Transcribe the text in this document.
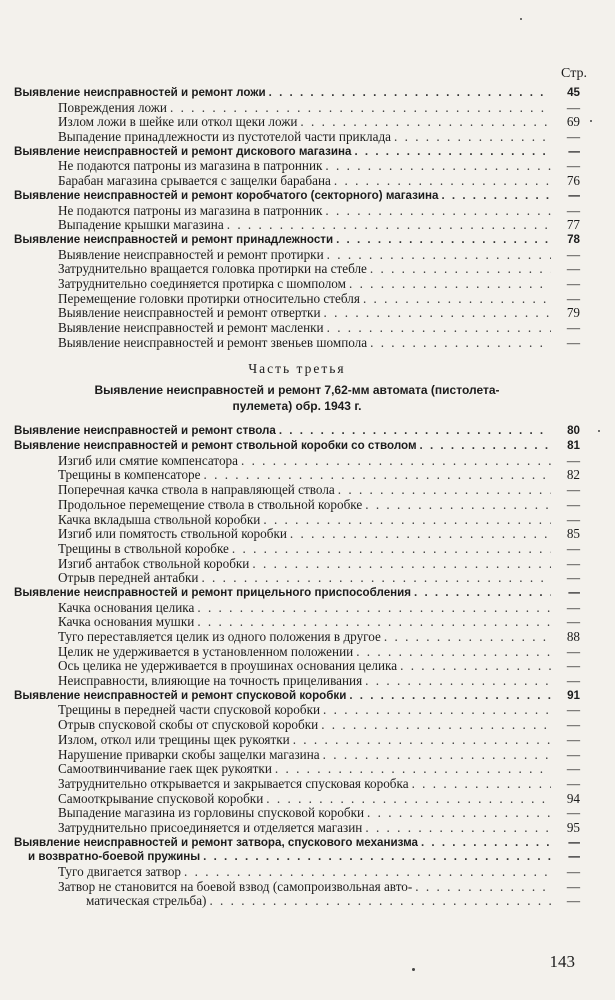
Стр.
Выявление неисправностей и ремонт ложи . . .	45
Повреждения ложи . . .	—
Излом ложи в шейке или откол щеки ложи . . .	69
Выпадение принадлежности из пустотелой части приклада . . .	—
Выявление неисправностей и ремонт дискового магазина . . .	—
Не подаются патроны из магазина в патронник . . .	—
Барабан магазина срывается с защелки барабана . . .	76
Выявление неисправностей и ремонт коробчатого (секторного) магазина . . .	—
Не подаются патроны из магазина в патронник . . .	—
Выпадение крышки магазина . . .	77
Выявление неисправностей и ремонт принадлежности . . .	78
Выявление неисправностей и ремонт протирки . . .	—
Затруднительно вращается головка протирки на стебле . . .	—
Затруднительно соединяется протирка с шомполом . . .	—
Перемещение головки протирки относительно стебля . . .	—
Выявление неисправностей и ремонт отвертки . . .	79
Выявление неисправностей и ремонт масленки . . .	—
Выявление неисправностей и ремонт звеньев шомпола . . .	—
Часть третья
Выявление неисправностей и ремонт 7,62-мм автомата (пистолета-
пулемета) обр. 1943 г.
Выявление неисправностей и ремонт ствола . . .	80
Выявление неисправностей и ремонт ствольной коробки со стволом . . .	81
Изгиб или смятие компенсатора . . .	—
Трещины в компенсаторе . . .	82
Поперечная качка ствола в направляющей ствола . . .	—
Продольное перемещение ствола в ствольной коробке . . .	—
Качка вкладыша ствольной коробки . . .	—
Изгиб или помятость ствольной коробки . . .	85
Трещины в ствольной коробке . . .	—
Изгиб антабок ствольной коробки . . .	—
Отрыв передней антабки . . .	—
Выявление неисправностей и ремонт прицельного приспособления . . .	—
Качка основания целика . . .	—
Качка основания мушки . . .	—
Туго переставляется целик из одного положения в другое . . .	88
Целик не удерживается в установленном положении . . .	—
Ось целика не удерживается в проушинах основания целика . . .	—
Неисправности, влияющие на точность прицеливания . . .	—
Выявление неисправностей и ремонт спусковой коробки . . .	91
Трещины в передней части спусковой коробки . . .	—
Отрыв спусковой скобы от спусковой коробки . . .	—
Излом, откол или трещины щек рукоятки . . .	—
Нарушение приварки скобы защелки магазина . . .	—
Самоотвинчивание гаек щек рукоятки . . .	—
Затруднительно открывается и закрывается спусковая коробка . . .	—
Самооткрывание спусковой коробки . . .	94
Выпадение магазина из горловины спусковой коробки . . .	—
Затруднительно присоединяется и отделяется магазин . . .	95
Выявление неисправностей и ремонт затвора, спускового механизма . . .	—
и возвратно-боевой пружины . . .	—
Туго двигается затвор . . .	—
Затвор не становится на боевой взвод (самопроизвольная авто- . . .	—
матическая стрельба) . . .	—
143
